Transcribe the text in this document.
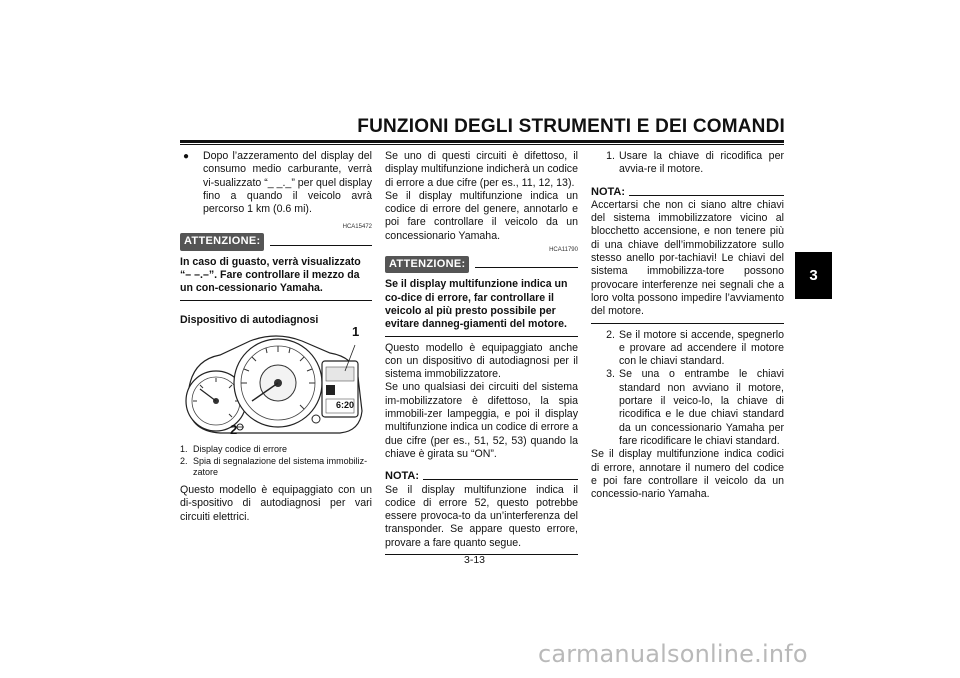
FUNZIONI DEGLI STRUMENTI E DEI COMANDI
3
●	Dopo l’azzeramento del display del consumo medio carburante, verrà vi-sualizzato “_ _._” per quel display fino a quando il veicolo avrà percorso 1 km (0.6 mi).
HCA15472
ATTENZIONE:

In caso di guasto, verrà visualizzato “– –.–”. Fare controllare il mezzo da un con-cessionario Yamaha.

Dispositivo di autodiagnosi
6:20
1
2
1. Display codice di errore
2. Spia di segnalazione del sistema immobiliz-zatore

Questo modello è equipaggiato con un di-spositivo di autodiagnosi per vari circuiti elettrici.

Se uno di questi circuiti è difettoso, il display multifunzione indicherà un codice di errore a due cifre (per es., 11, 12, 13).

Se il display multifunzione indica un codice di errore del genere, annotarlo e poi fare controllare il veicolo da un concessionario Yamaha.

HCA11790
ATTENZIONE:

Se il display multifunzione indica un co-dice di errore, far controllare il veicolo al più presto possibile per evitare danneg-giamenti del motore.

Questo modello è equipaggiato anche con un dispositivo di autodiagnosi per il sistema immobilizzatore.

Se uno qualsiasi dei circuiti del sistema im-mobilizzatore è difettoso, la spia immobili-zer lampeggia, e poi il display multifunzione indica un codice di errore a due cifre (per es., 51, 52, 53) quando la chiave è girata su “ON”.

NOTA:

Se il display multifunzione indica il codice di errore 52, questo potrebbe essere provoca-to da un’interferenza del transponder. Se appare questo errore, provare a fare quanto segue.

1. Usare la chiave di ricodifica per avvia-re il motore.
NOTA:

Accertarsi che non ci siano altre chiavi del sistema immobilizzatore vicino al blocchetto accensione, e non tenere più di una chiave dell’immobilizzatore sullo stesso anello por-tachiavi! Le chiavi del sistema immobilizza-tore possono provocare interferenze nei segnali che a loro volta possono impedire l’avviamento del motore.

2. Se il motore si accende, spegnerlo e provare ad accendere il motore con le chiavi standard.
3. Se una o entrambe le chiavi standard non avviano il motore, portare il veico-lo, la chiave di ricodifica e le due chiavi standard da un concessionario Yamaha per fare ricodificare le chiavi standard.

Se il display multifunzione indica codici di errore, annotare il numero del codice e poi fare controllare il veicolo da un concessio-nario Yamaha.

3-13
carmanualsonline.info
